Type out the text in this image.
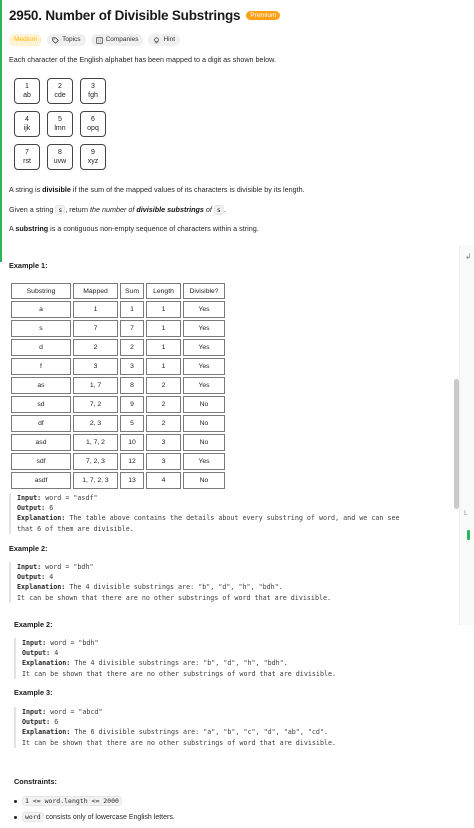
2950. Number of Divisible Substrings	Premium
Medium	Topics	Companies	Hint
Each character of the English alphabet has been mapped to a digit as shown below.
1
ab
2
cde
3
fgh
4
ijk
5
lmn
6
opq
7
rst
8
uvw
9
xyz
A string is divisible if the sum of the mapped values of its characters is divisible by its length.
Given a string s , return the number of divisible substrings of s .
A substring is a contiguous non-empty sequence of characters within a string.
Example 1:
Substring	Mapped	Sum	Length	Divisible?
a	1	1	1	Yes
s	7	7	1	Yes
d	2	2	1	Yes
f	3	3	1	Yes
as	1, 7	8	2	Yes
sd	7, 2	9	2	No
df	2, 3	5	2	No
asd	1, 7, 2	10	3	No
sdf	7, 2, 3	12	3	Yes
asdf	1, 7, 2, 3	13	4	No
Input: word = "asdf"
Output: 6
Explanation: The table above contains the details about every substring of word, and we can see
that 6 of them are divisible.
Example 2:
Input: word = "bdh"
Output: 4
Explanation: The 4 divisible substrings are: "b", "d", "h", "bdh".
It can be shown that there are no other substrings of word that are divisible.
Example 2:
Input: word = "bdh"
Output: 4
Explanation: The 4 divisible substrings are: "b", "d", "h", "bdh".
It can be shown that there are no other substrings of word that are divisible.
Example 3:
Input: word = "abcd"
Output: 6
Explanation: The 6 divisible substrings are: "a", "b", "c", "d", "ab", "cd".
It can be shown that there are no other substrings of word that are divisible.
Constraints:
1 <= word.length <= 2000
word consists only of lowercase English letters.
↲
L
